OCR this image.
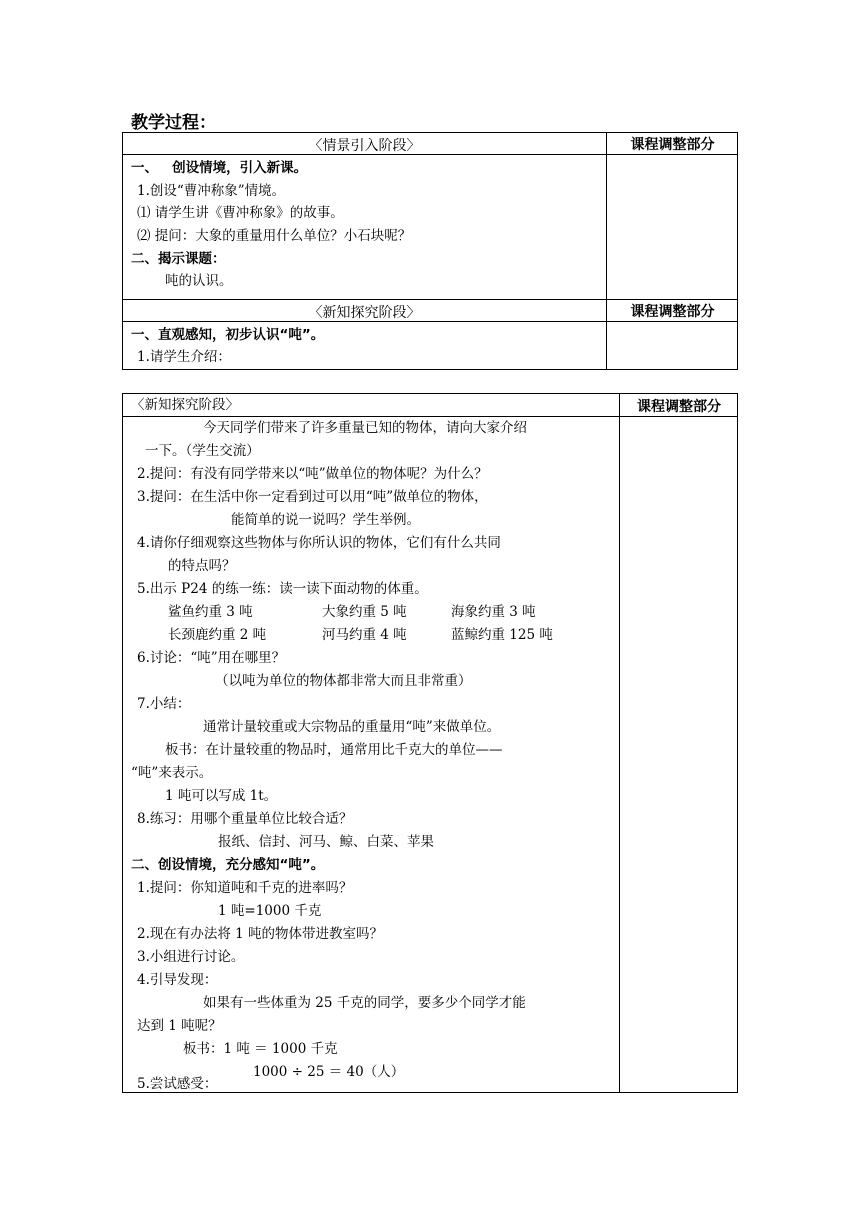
教学过程：
〈情景引入阶段〉	课程调整部分
一、   创设情境，引入新课。
1.创设“曹冲称象”情境。
⑴ 请学生讲《曹冲称象》的故事。
⑵ 提问：大象的重量用什么单位？小石块呢？
二、揭示课题：
吨的认识。
〈新知探究阶段〉	课程调整部分
一、直观感知，初步认识“吨”。
1.请学生介绍：
〈新知探究阶段〉	课程调整部分
今天同学们带来了许多重量已知的物体，请向大家介绍
一下。（学生交流）
2.提问：有没有同学带来以“吨”做单位的物体呢？为什么？
3.提问：在生活中你一定看到过可以用“吨”做单位的物体，
能简单的说一说吗？学生举例。
4.请你仔细观察这些物体与你所认识的物体，它们有什么共同
的特点吗？
5.出示 P24 的练一练：读一读下面动物的体重。
鲨鱼约重 3 吨	大象约重 5 吨	海象约重 3 吨
长颈鹿约重 2 吨	河马约重 4 吨	蓝鲸约重 125 吨
6.讨论：“吨”用在哪里？
（以吨为单位的物体都非常大而且非常重）
7.小结：
通常计量较重或大宗物品的重量用“吨”来做单位。
板书：在计量较重的物品时，通常用比千克大的单位——
“吨”来表示。
1 吨可以写成 1t。
8.练习：用哪个重量单位比较合适？
报纸、信封、河马、鲸、白菜、苹果
二、创设情境，充分感知“吨”。
1.提问：你知道吨和千克的进率吗？
1 吨=1000 千克
2.现在有办法将 1 吨的物体带进教室吗？
3.小组进行讨论。
4.引导发现：
如果有一些体重为 25 千克的同学，要多少个同学才能
达到 1 吨呢？
板书：1 吨 ＝ 1000 千克
1000 ÷ 25 ＝ 40（人）
5.尝试感受：
